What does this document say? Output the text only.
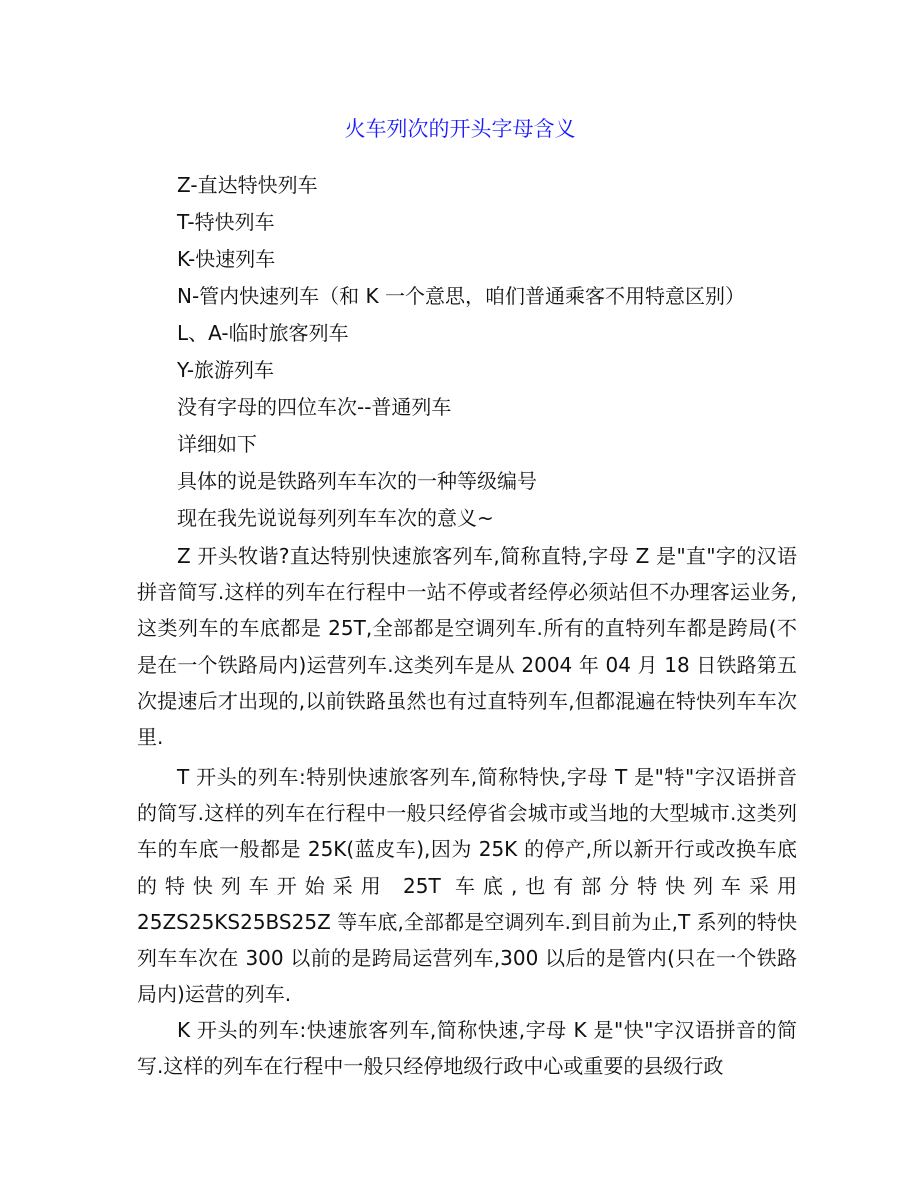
火车列次的开头字母含义
Z-直达特快列车
T-特快列车
K-快速列车
N-管内快速列车（和 K 一个意思，咱们普通乘客不用特意区别）
L、A-临时旅客列车
Y-旅游列车
没有字母的四位车次--普通列车
详细如下
具体的说是铁路列车车次的一种等级编号
现在我先说说每列列车车次的意义~

Z 开头牧谐?直达特别快速旅客列车,简称直特,字母 Z 是"直"字的汉语拼音简写.这样的列车在行程中一站不停或者经停必须站但不办理客运业务,这类列车的车底都是 25T,全部都是空调列车.所有的直特列车都是跨局(不是在一个铁路局内)运营列车.这类列车是从 2004 年 04 月 18 日铁路第五次提速后才出现的,以前铁路虽然也有过直特列车,但都混遍在特快列车车次里.

T 开头的列车:特别快速旅客列车,简称特快,字母 T 是"特"字汉语拼音的简写.这样的列车在行程中一般只经停省会城市或当地的大型城市.这类列车的车底一般都是 25K(蓝皮车),因为 25K 的停产,所以新开行或改换车底的特快列车开始采用 25T 车底,也有部分特快列车采用 25ZS25KS25BS25Z 等车底,全部都是空调列车.到目前为止,T 系列的特快列车车次在 300 以前的是跨局运营列车,300 以后的是管内(只在一个铁路局内)运营的列车.

K 开头的列车:快速旅客列车,简称快速,字母 K 是"快"字汉语拼音的简写.这样的列车在行程中一般只经停地级行政中心或重要的县级行政
